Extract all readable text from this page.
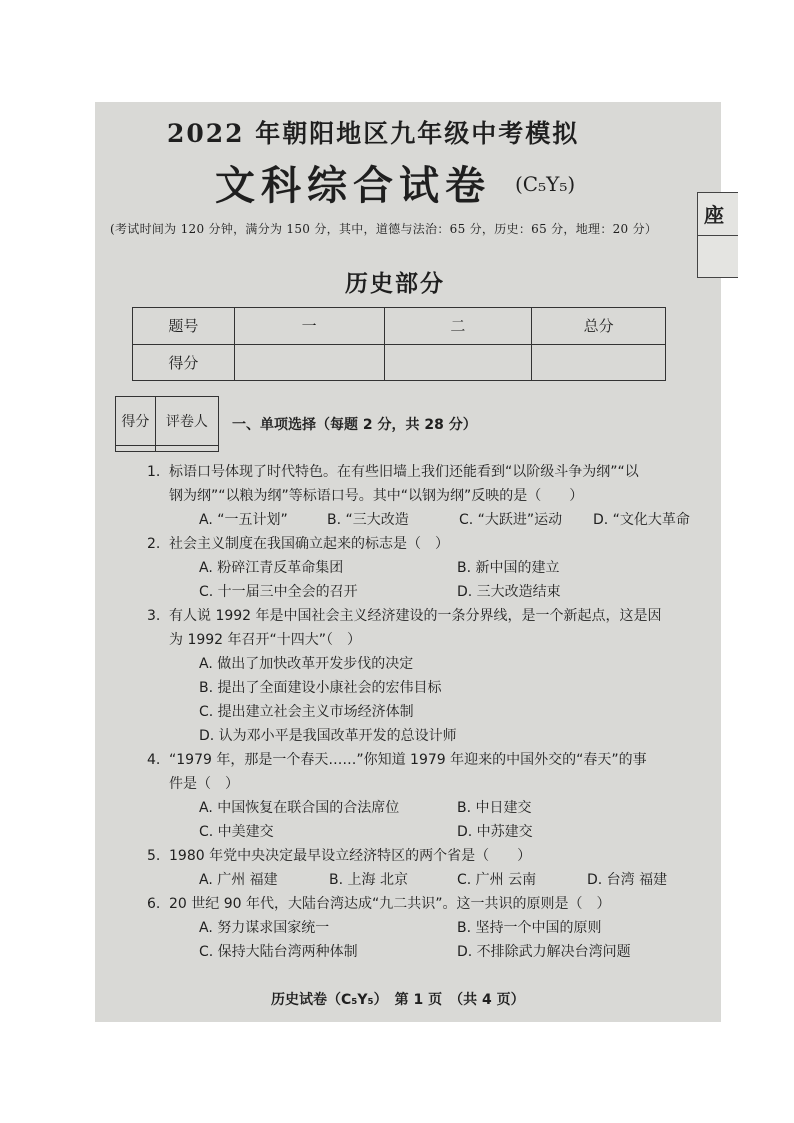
2022 年朝阳地区九年级中考模拟
文科综合试卷 (C₅Y₅)
(考试时间为 120 分钟，满分为 150 分，其中，道德与法治：65 分，历史：65 分，地理：20 分）
历史部分
题号	一	二	总分
得分			
得分	评卷人
	一、单项选择（每题 2 分，共 28 分）
1. 标语口号体现了时代特色。在有些旧墙上我们还能看到“以阶级斗争为纲”“以
钢为纲”“以粮为纲”等标语口号。其中“以钢为纲”反映的是（　　）
A. “一五计划”	B. “三大改造	C. “大跃进”运动	D. “文化大革命
2. 社会主义制度在我国确立起来的标志是（　）
A. 粉碎江青反革命集团	B. 新中国的建立
C. 十一届三中全会的召开	D. 三大改造结束
3. 有人说 1992 年是中国社会主义经济建设的一条分界线，是一个新起点，这是因
为 1992 年召开“十四大”（　）
A. 做出了加快改革开发步伐的决定
B. 提出了全面建设小康社会的宏伟目标
C. 提出建立社会主义市场经济体制
D. 认为邓小平是我国改革开发的总设计师
4. “1979 年，那是一个春天……”你知道 1979 年迎来的中国外交的“春天”的事
件是（　）
A. 中国恢复在联合国的合法席位	B. 中日建交
C. 中美建交	D. 中苏建交
5. 1980 年党中央决定最早设立经济特区的两个省是（　　）
A. 广州 福建	B. 上海 北京	C. 广州 云南	D. 台湾 福建
6. 20 世纪 90 年代，大陆台湾达成“九二共识”。这一共识的原则是（　）
A. 努力谋求国家统一	B. 坚持一个中国的原则
C. 保持大陆台湾两种体制	D. 不排除武力解决台湾问题
历史试卷（C₅Y₅）　第 1 页　（共 4 页）
座
